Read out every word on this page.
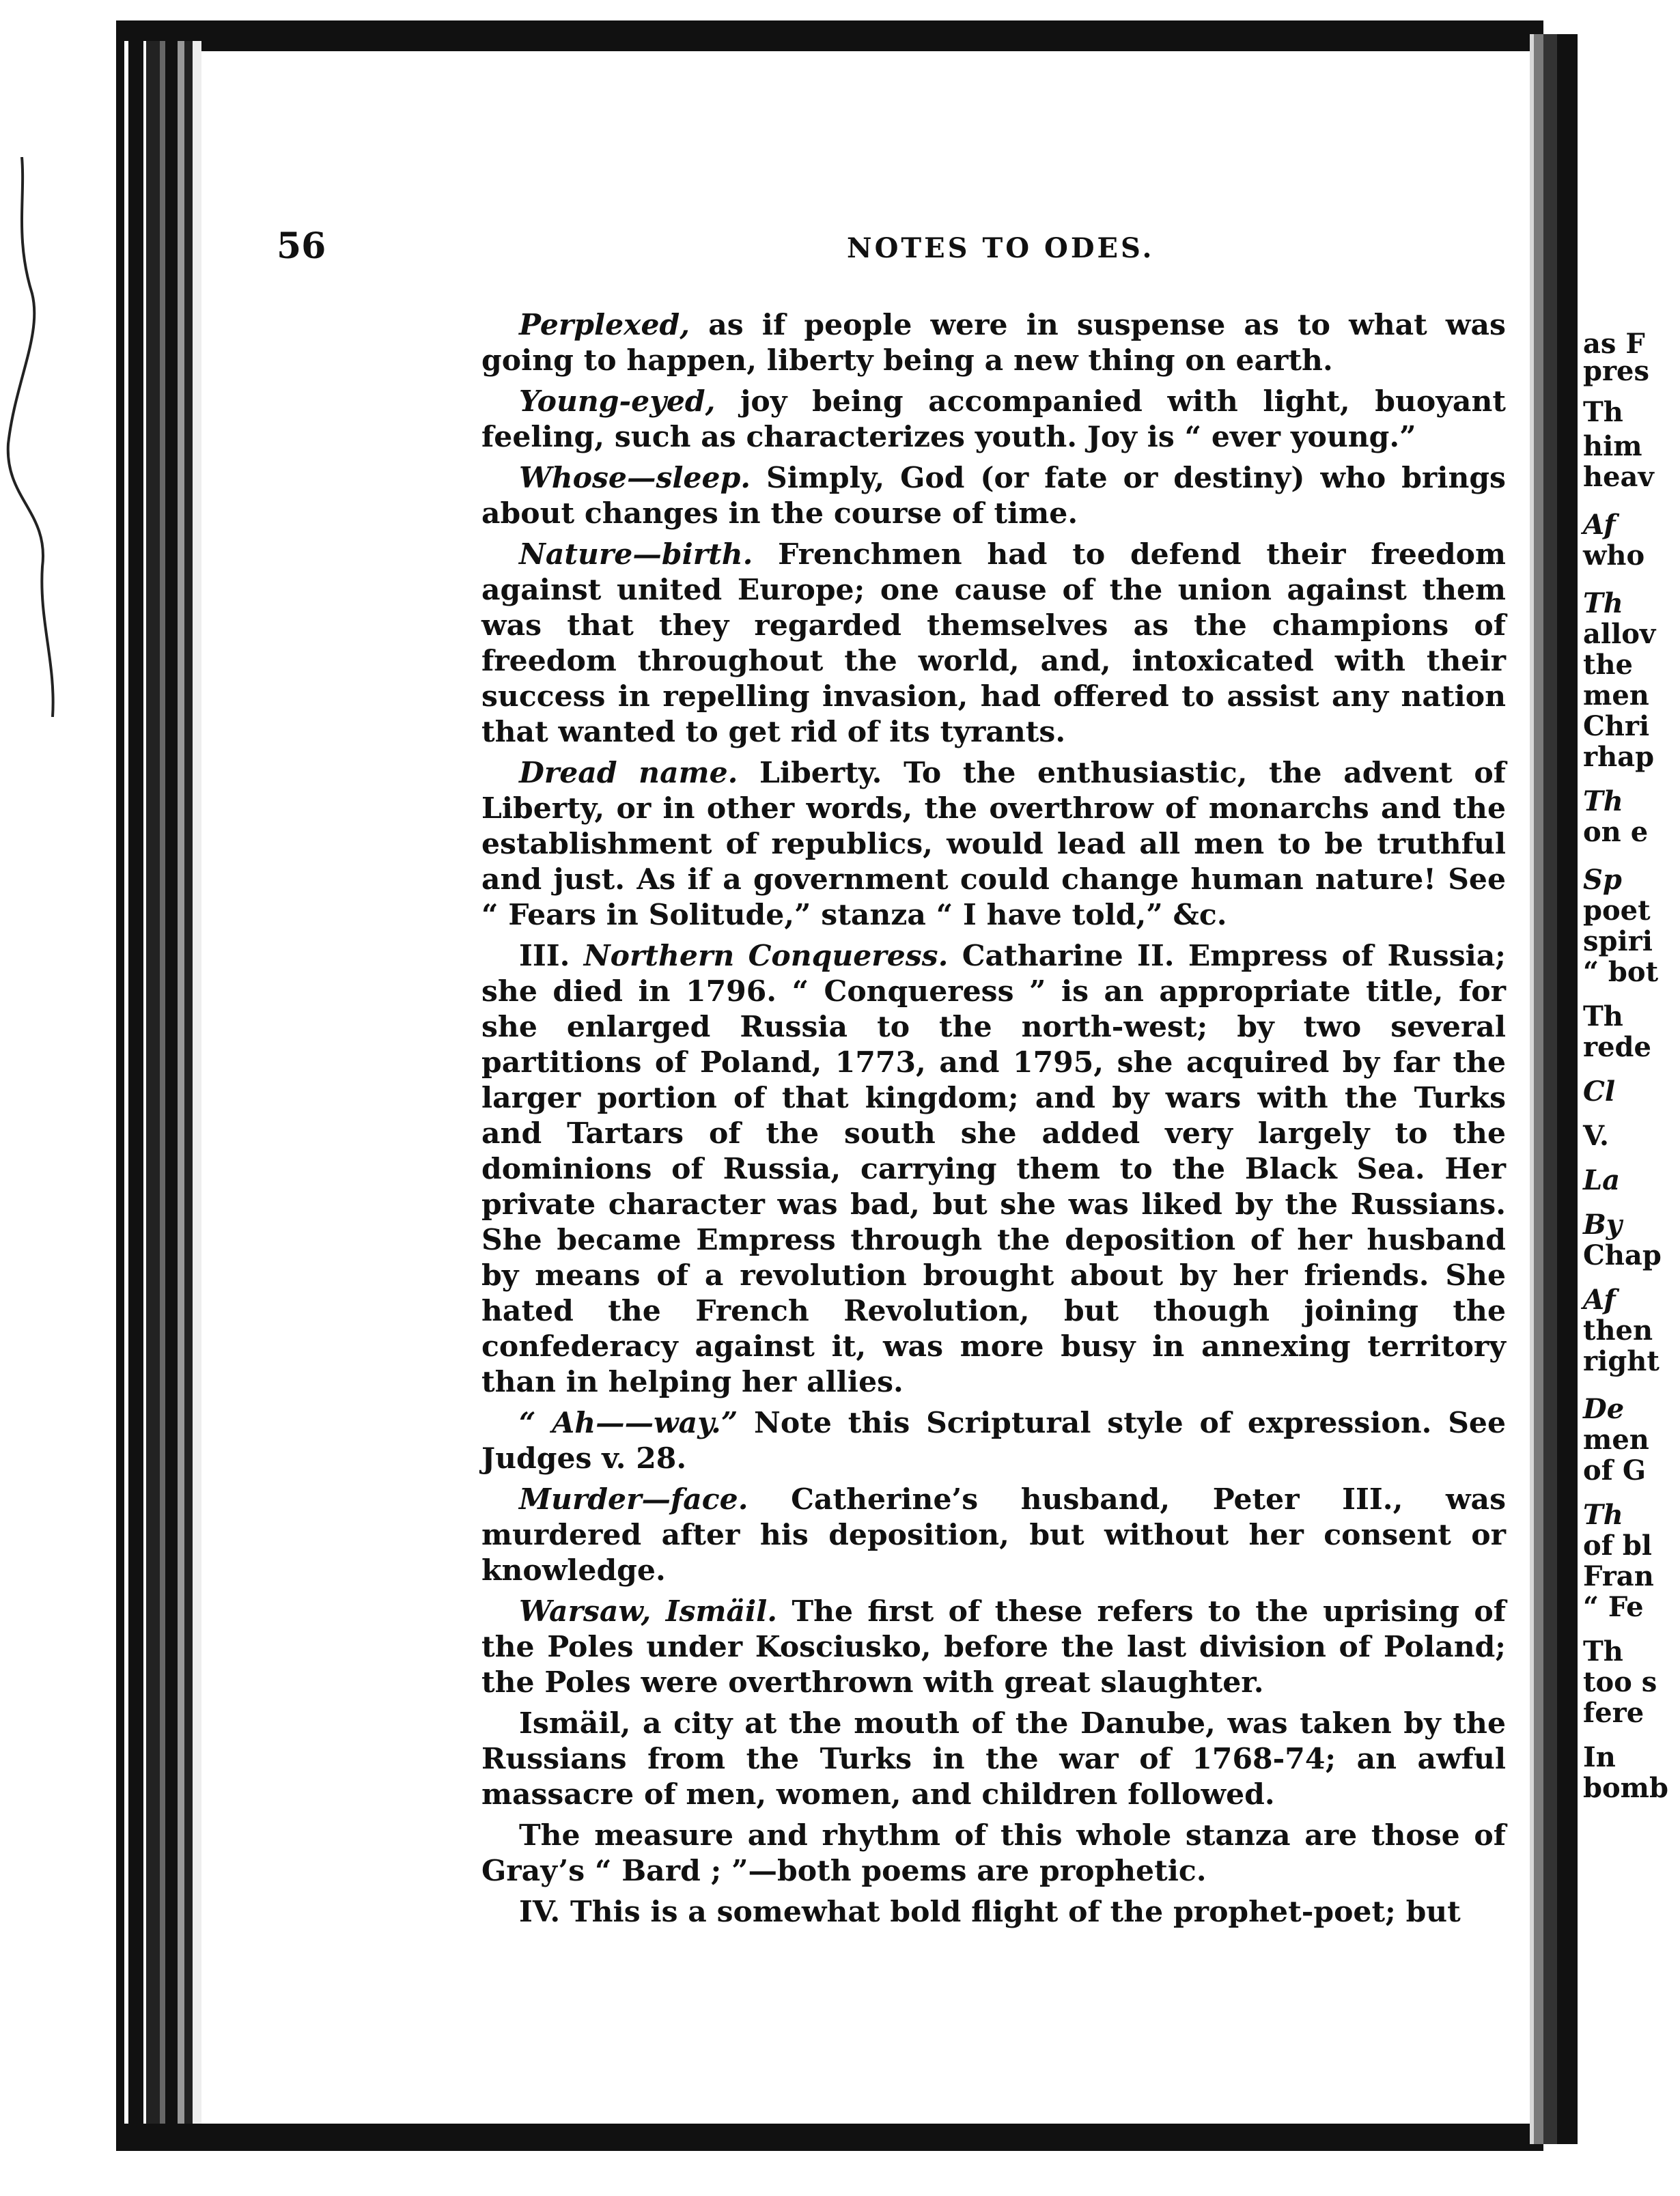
as F
pres
Th
him
heav
Af
who
Th
allov
the
men
Chri
rhap
Th
on e
Sp
poet
spiri
“ bot
Th
rede
Cl
V.
La
By
Chap
Af
then
right
De
men
of G
Th
of bl
Fran
“ Fe
Th
too s
fere
In
bomb
56	NOTES TO ODES.

Perplexed, as if people were in suspense as to what was going to happen, liberty being a new thing on earth.

Young-eyed, joy being accompanied with light, buoyant feeling, such as characterizes youth. Joy is “ ever young.”

Whose—sleep. Simply, God (or fate or destiny) who brings about changes in the course of time.

Nature—birth. Frenchmen had to defend their freedom against united Europe; one cause of the union against them was that they regarded themselves as the champions of freedom throughout the world, and, intoxicated with their success in repelling invasion, had offered to assist any nation that wanted to get rid of its tyrants.

Dread name. Liberty. To the enthusiastic, the advent of Liberty, or in other words, the overthrow of monarchs and the establishment of republics, would lead all men to be truthful and just. As if a government could change human nature! See “ Fears in Solitude,” stanza “ I have told,” &c.

III. Northern Conqueress. Catharine II. Empress of Russia; she died in 1796. “ Conqueress ” is an appropriate title, for she enlarged Russia to the north-west; by two several partitions of Poland, 1773, and 1795, she acquired by far the larger portion of that kingdom; and by wars with the Turks and Tartars of the south she added very largely to the dominions of Russia, carrying them to the Black Sea. Her private character was bad, but she was liked by the Russians. She became Empress through the deposition of her husband by means of a revolution brought about by her friends. She hated the French Revolution, but though joining the confederacy against it, was more busy in annexing territory than in helping her allies.

“ Ah——way.” Note this Scriptural style of expression. See Judges v. 28.

Murder—face. Catherine’s husband, Peter III., was murdered after his deposition, but without her consent or knowledge.

Warsaw, Ismäil. The first of these refers to the uprising of the Poles under Kosciusko, before the last division of Poland; the Poles were overthrown with great slaughter.

Ismäil, a city at the mouth of the Danube, was taken by the Russians from the Turks in the war of 1768-74; an awful massacre of men, women, and children followed.

The measure and rhythm of this whole stanza are those of Gray’s “ Bard ; ”—both poems are prophetic.

IV. This is a somewhat bold flight of the prophet-poet; but
